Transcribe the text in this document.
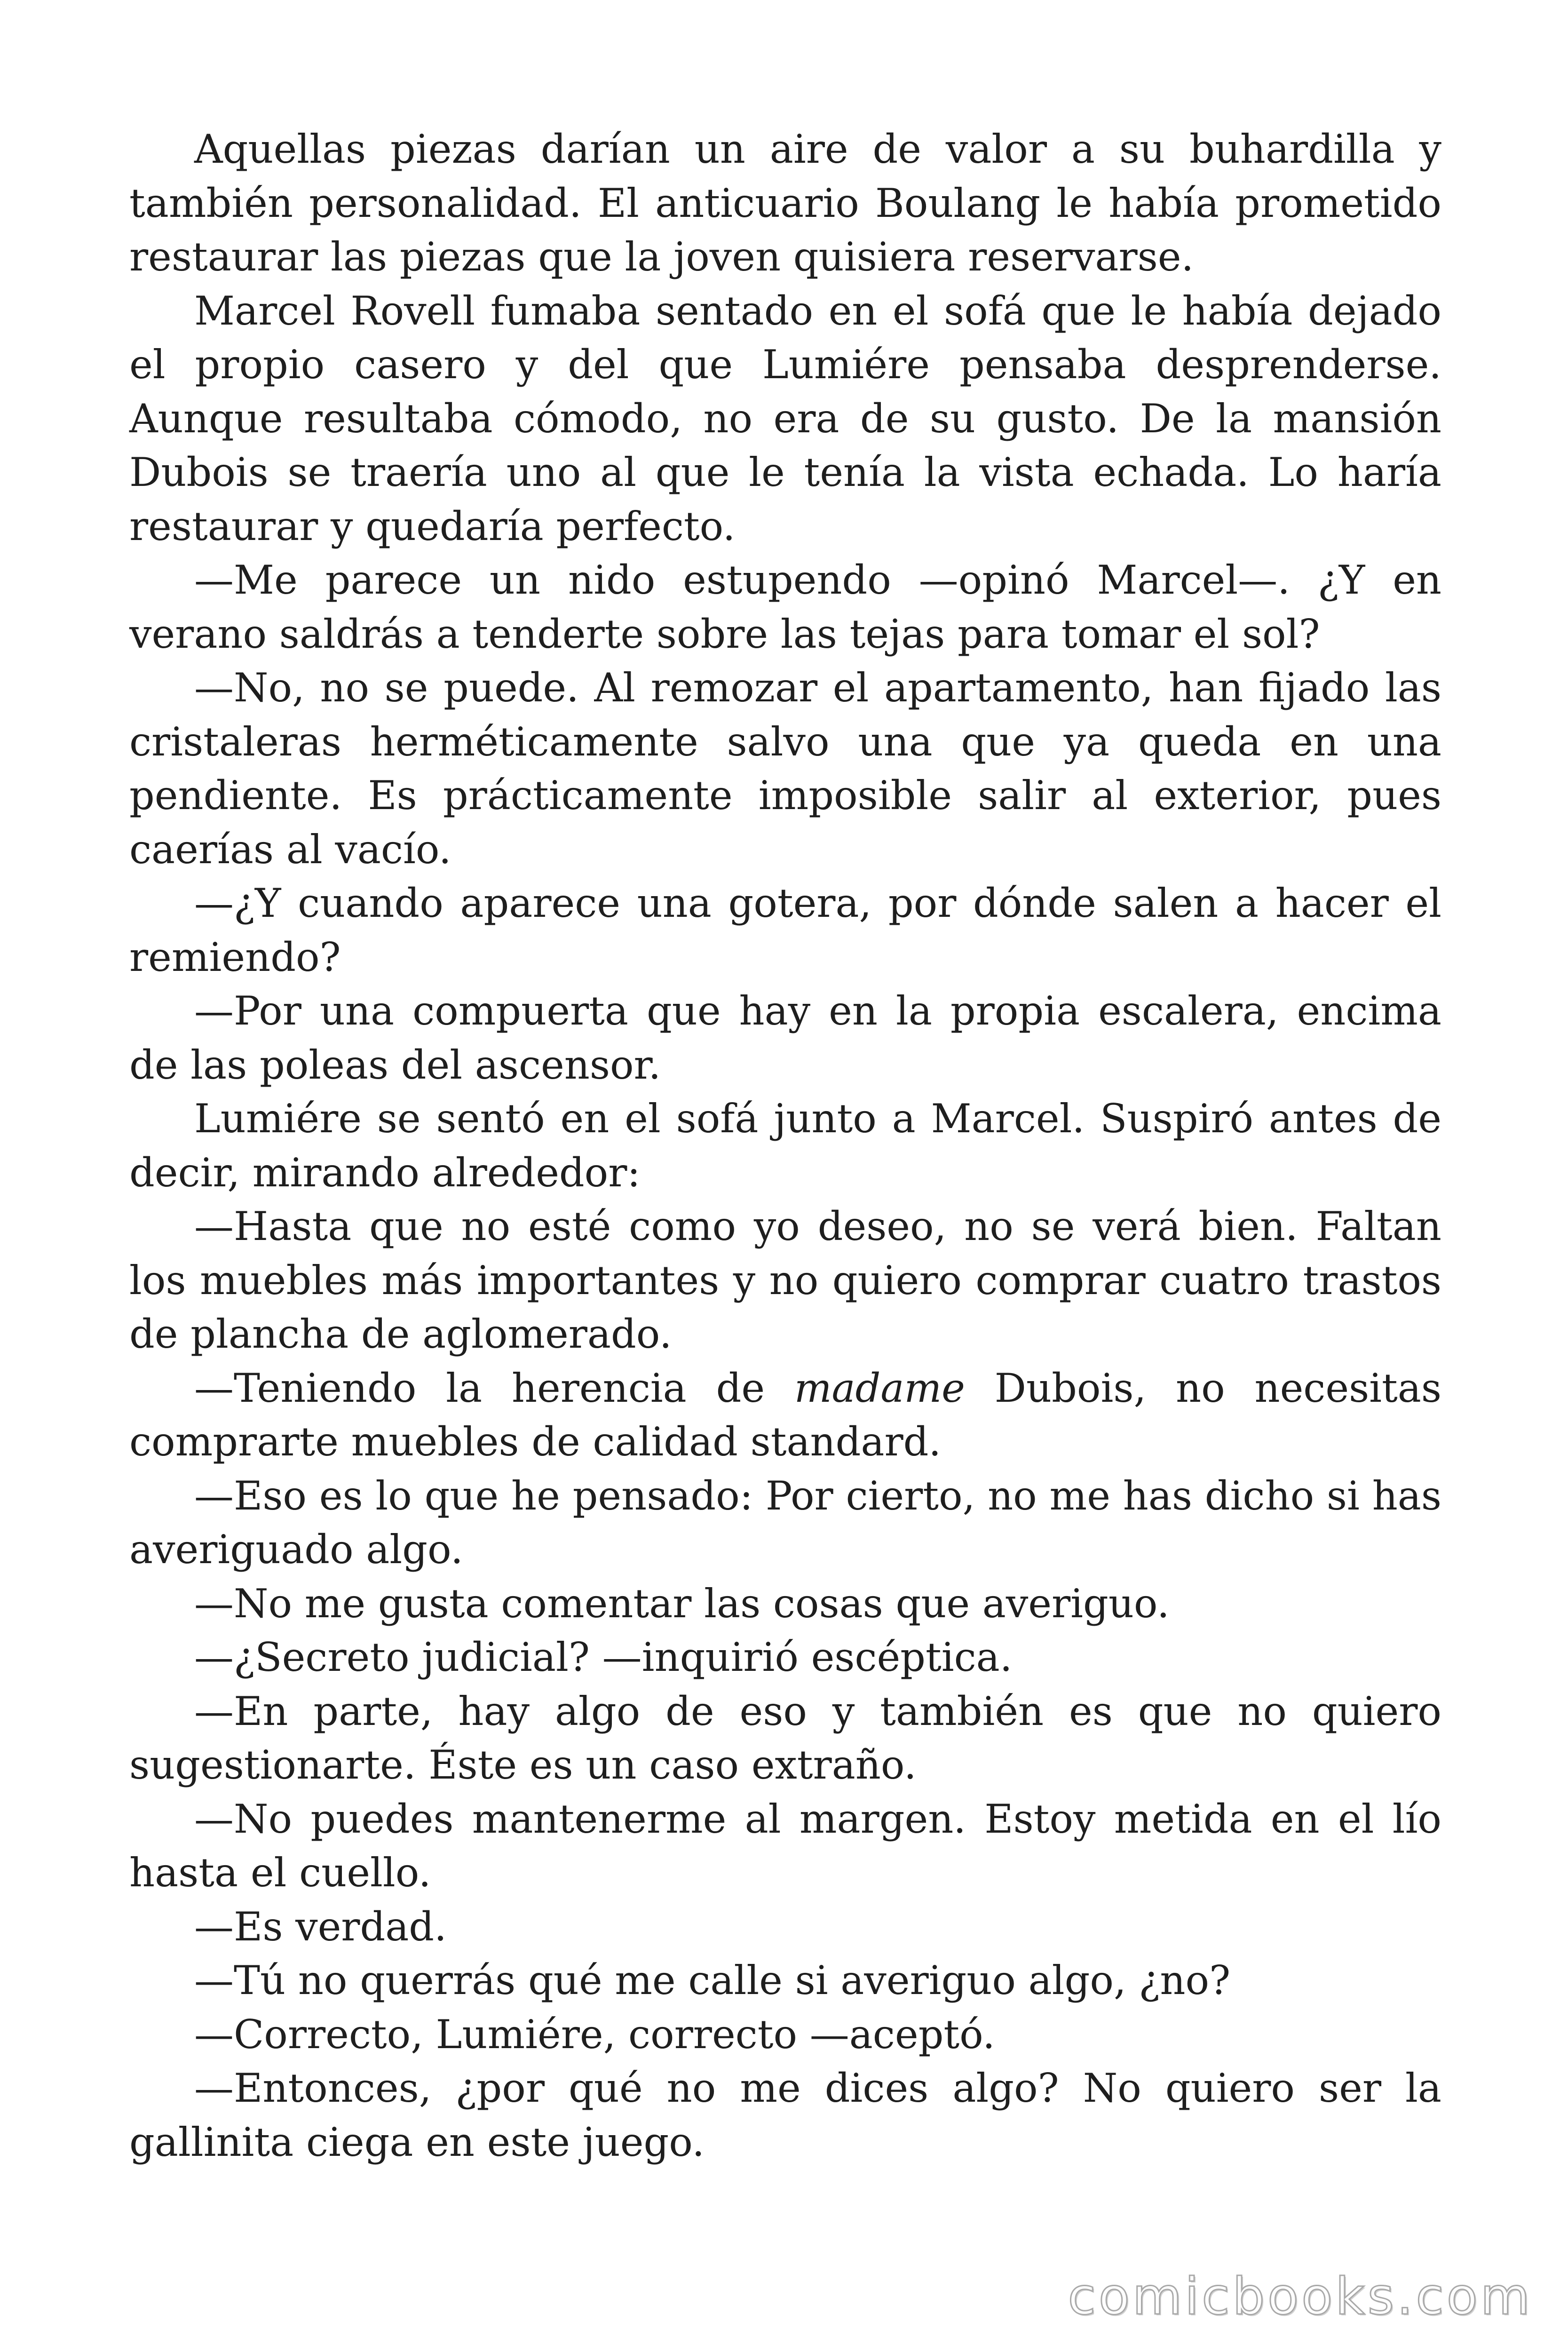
Aquellas piezas darían un aire de valor a su buhardilla y también personalidad. El anticuario Boulang le había prometido restaurar las piezas que la joven quisiera reservarse.

Marcel Rovell fumaba sentado en el sofá que le había dejado el propio casero y del que Lumiére pensaba desprenderse. Aunque resultaba cómodo, no era de su gusto. De la mansión Dubois se traería uno al que le tenía la vista echada. Lo haría restaurar y quedaría perfecto.

—Me parece un nido estupendo —opinó Marcel—. ¿Y en verano saldrás a tenderte sobre las tejas para tomar el sol?

—No, no se puede. Al remozar el apartamento, han fijado las cristaleras herméticamente salvo una que ya queda en una pendiente. Es prácticamente imposible salir al exterior, pues caerías al vacío.

—¿Y cuando aparece una gotera, por dónde salen a hacer el remiendo?

—Por una compuerta que hay en la propia escalera, encima de las poleas del ascensor.

Lumiére se sentó en el sofá junto a Marcel. Suspiró antes de decir, mirando alrededor:

—Hasta que no esté como yo deseo, no se verá bien. Faltan los muebles más importantes y no quiero comprar cuatro trastos de plancha de aglomerado.

—Teniendo la herencia de madame Dubois, no necesitas comprarte muebles de calidad standard.

—Eso es lo que he pensado: Por cierto, no me has dicho si has averiguado algo.

—No me gusta comentar las cosas que averiguo.

—¿Secreto judicial? —inquirió escéptica.

—En parte, hay algo de eso y también es que no quiero sugestionarte. Éste es un caso extraño.

—No puedes mantenerme al margen. Estoy metida en el lío hasta el cuello.

—Es verdad.

—Tú no querrás qué me calle si averiguo algo, ¿no?

—Correcto, Lumiére, correcto —aceptó.

—Entonces, ¿por qué no me dices algo? No quiero ser la gallinita ciega en este juego.

comicbooks.com
